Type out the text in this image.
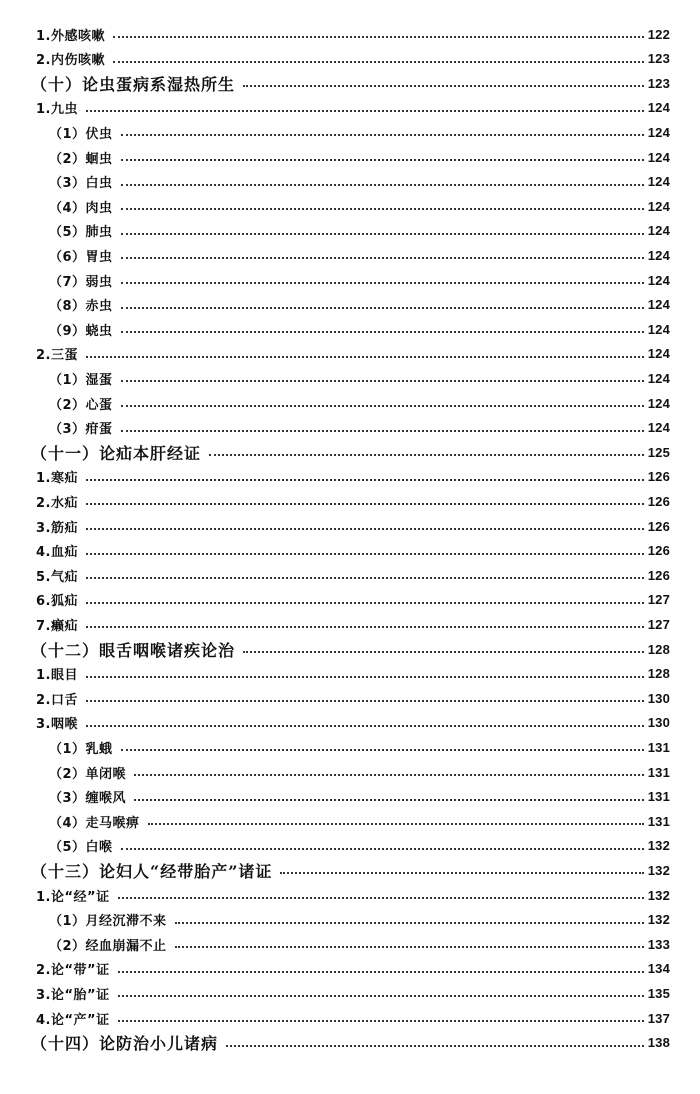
1.外感咳嗽	122
2.内伤咳嗽	123
（十）论虫蛋病系湿热所生	123
1.九虫	124
（1）伏虫	124
（2）蛔虫	124
（3）白虫	124
（4）肉虫	124
（5）肺虫	124
（6）胃虫	124
（7）弱虫	124
（8）赤虫	124
（9）蛲虫	124
2.三蛋	124
（1）湿蛋	124
（2）心蛋	124
（3）疳蛋	124
（十一）论疝本肝经证	125
1.寒疝	126
2.水疝	126
3.筋疝	126
4.血疝	126
5.气疝	126
6.狐疝	127
7.癞疝	127
（十二）眼舌咽喉诸疾论治	128
1.眼目	128
2.口舌	130
3.咽喉	130
（1）乳蛾	131
（2）单闭喉	131
（3）缠喉风	131
（4）走马喉痹	131
（5）白喉	132
（十三）论妇人“经带胎产”诸证	132
1.论“经”证	132
（1）月经沉滞不来	132
（2）经血崩漏不止	133
2.论“带”证	134
3.论“胎”证	135
4.论“产”证	137
（十四）论防治小儿诸病	138
